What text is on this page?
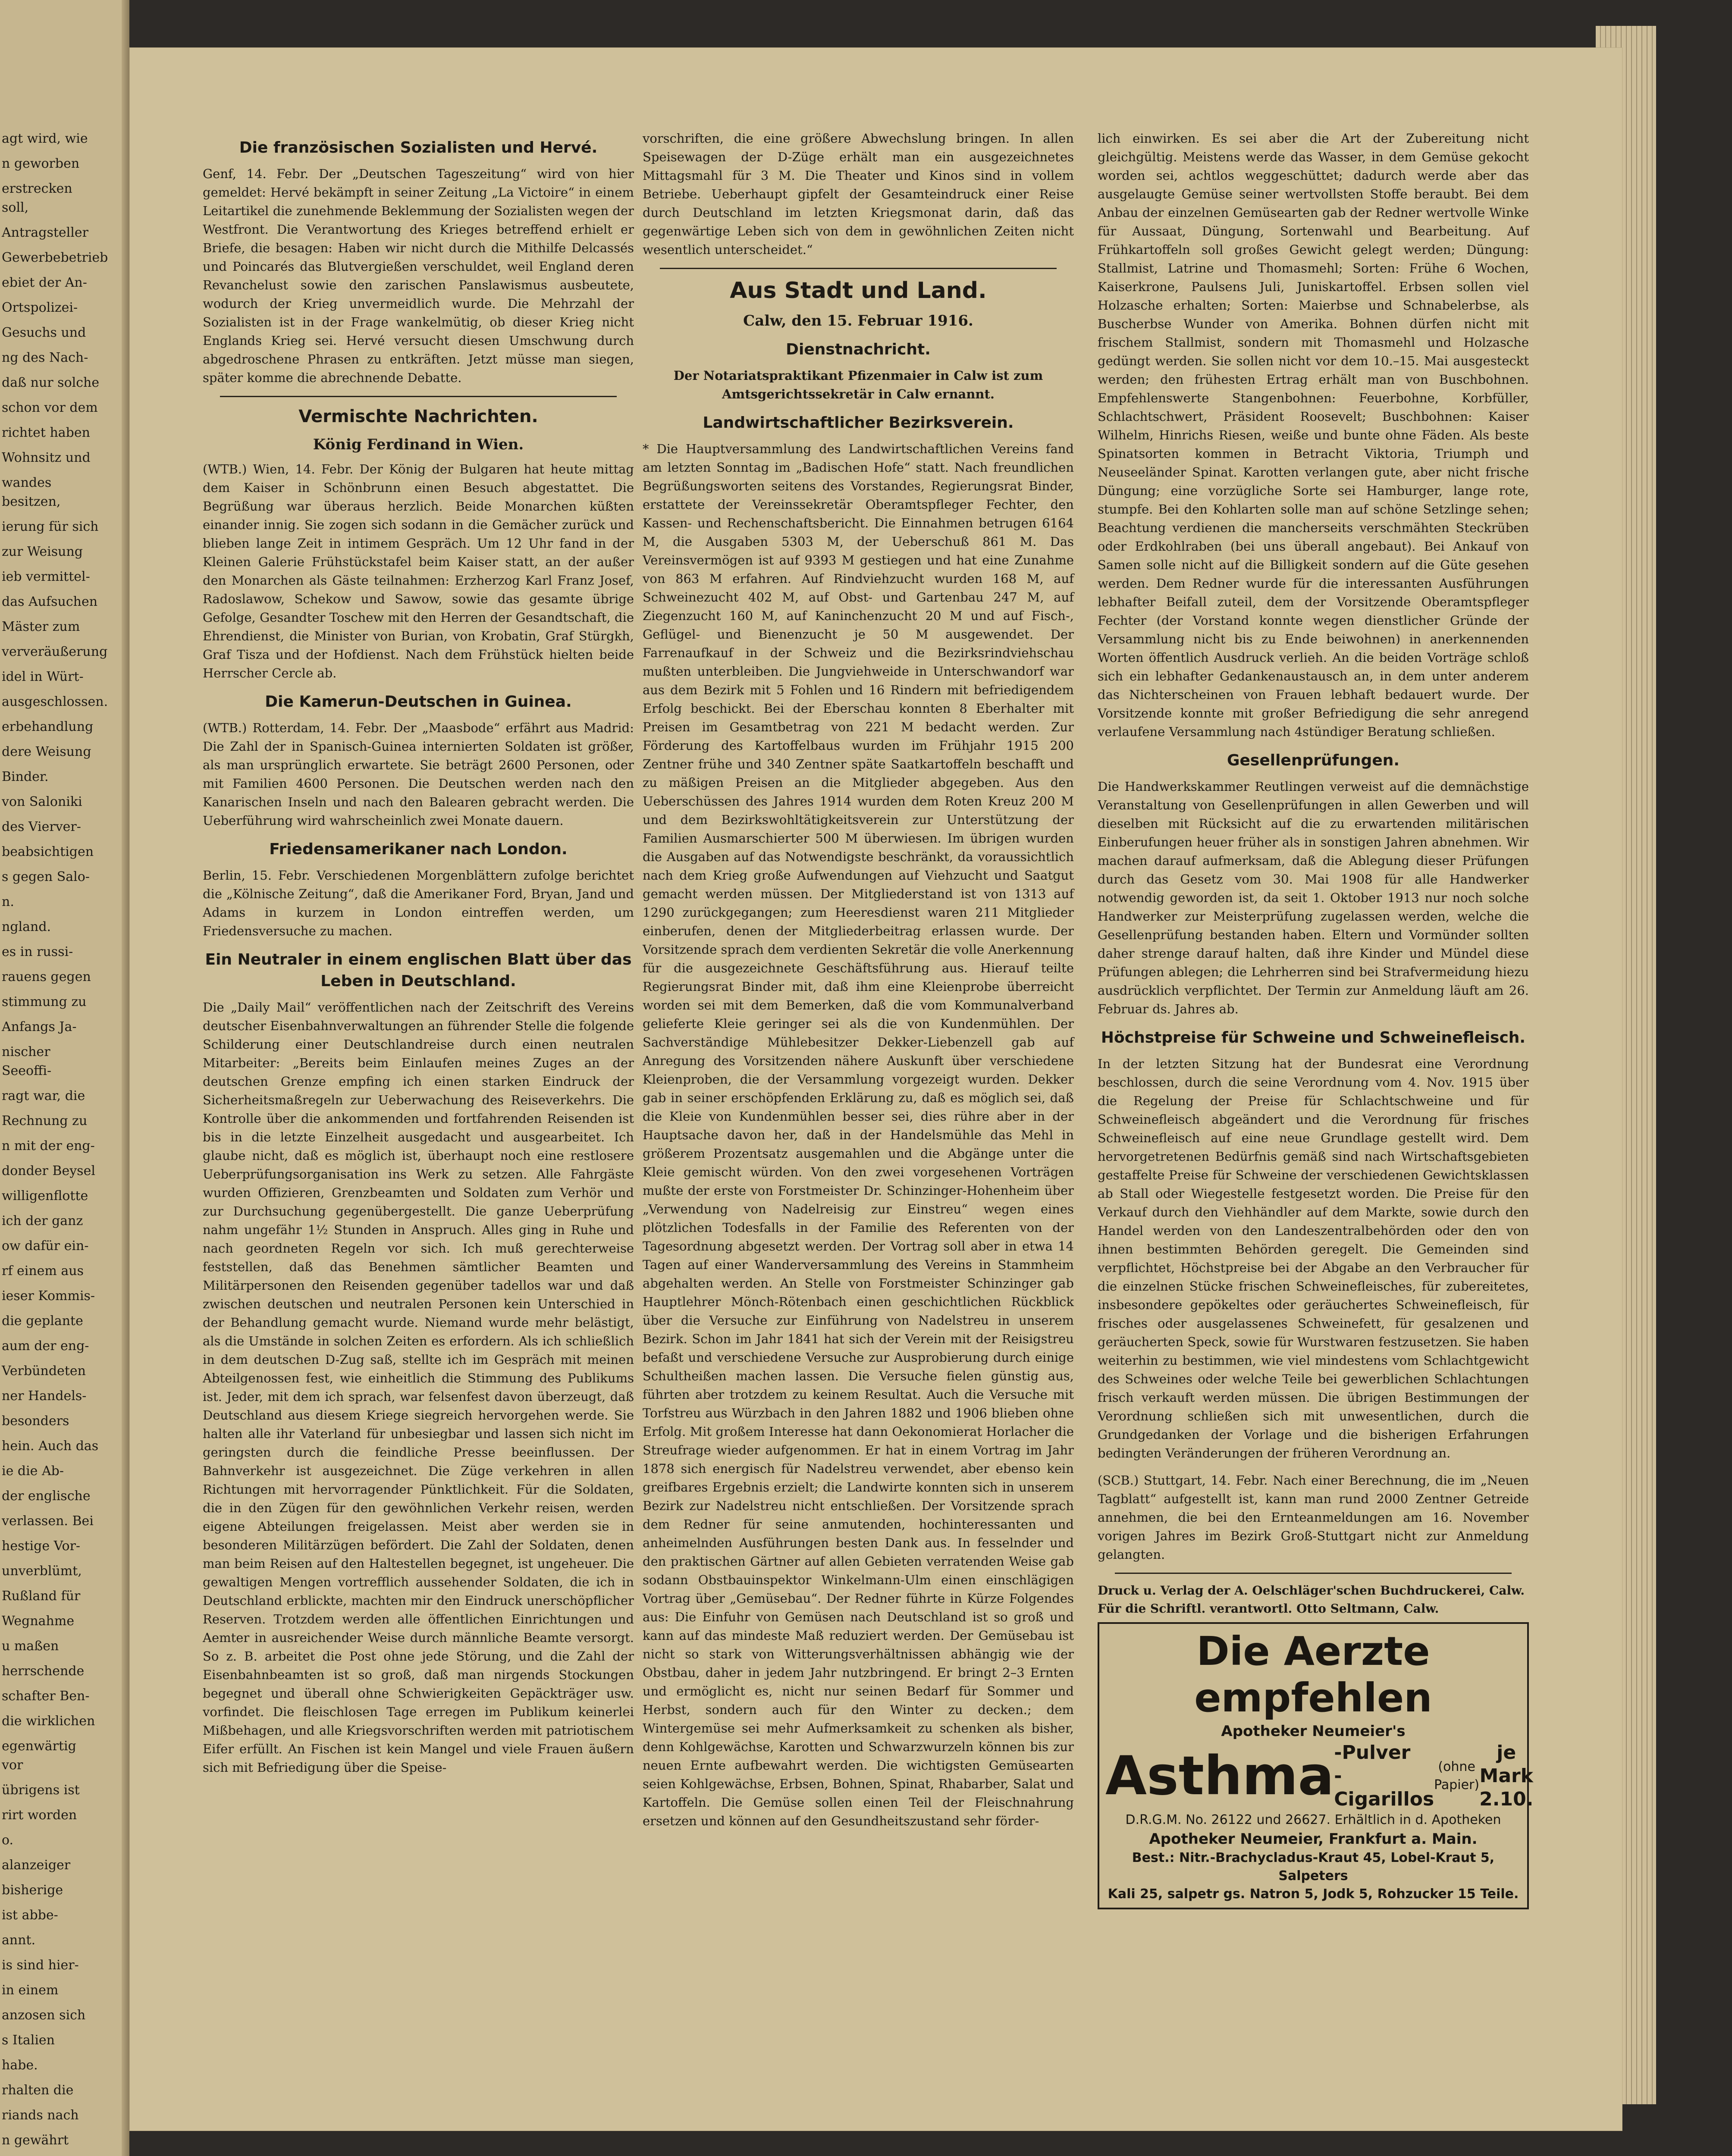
agt wird, wie

n geworben

erstrecken soll,

Antragsteller

Gewerbebetrieb

ebiet der An-

Ortspolizei-

Gesuchs und

ng des Nach-

daß nur solche

schon vor dem

richtet haben

Wohnsitz und

wandes besitzen,

ierung für sich

zur Weisung

ieb vermittel-

das Aufsuchen

Mäster zum

ververäußerung

idel in Würt-

ausgeschlossen.

erbehandlung

dere Weisung

Binder.

von Saloniki

des Vierver-

beabsichtigen

s gegen Salo-

n.

ngland.

es in russi-

rauens gegen

stimmung zu

Anfangs Ja-

nischer Seeoffi-

ragt war, die

Rechnung zu

n mit der eng-

donder Beysel

willigenflotte

ich der ganz

ow dafür ein-

rf einem aus

ieser Kommis-

die geplante

aum der eng-

Verbündeten

ner Handels-

besonders

hein. Auch das

ie die Ab-

der englische

verlassen. Bei

hestige Vor-

unverblümt,

Rußland für

Wegnahme

u maßen

herrschende

schafter Ben-

die wirklichen

egenwärtig vor

übrigens ist

rirt worden

o.

alanzeiger

bisherige

ist abbe-

annt.

is sind hier-

in einem

anzosen sich

s Italien

habe.

rhalten die

riands nach

n gewährt

Die französischen Sozialisten und Hervé.

Genf, 14. Febr. Der „Deutschen Tageszeitung“ wird von hier gemeldet: Hervé bekämpft in seiner Zeitung „La Victoire“ in einem Leitartikel die zunehmende Beklemmung der Sozialisten wegen der Westfront. Die Verantwortung des Krieges betreffend erhielt er Briefe, die besagen: Haben wir nicht durch die Mithilfe Delcassés und Poincarés das Blutvergießen verschuldet, weil England deren Revanchelust sowie den zarischen Panslawismus ausbeutete, wodurch der Krieg unvermeidlich wurde. Die Mehrzahl der Sozialisten ist in der Frage wankelmütig, ob dieser Krieg nicht Englands Krieg sei. Hervé versucht diesen Umschwung durch abgedroschene Phrasen zu entkräften. Jetzt müsse man siegen, später komme die abrechnende Debatte.

Vermischte Nachrichten.
König Ferdinand in Wien.

(WTB.) Wien, 14. Febr. Der König der Bulgaren hat heute mittag dem Kaiser in Schönbrunn einen Besuch abgestattet. Die Begrüßung war überaus herzlich. Beide Monarchen küßten einander innig. Sie zogen sich sodann in die Gemächer zurück und blieben lange Zeit in intimem Gespräch. Um 12 Uhr fand in der Kleinen Galerie Frühstückstafel beim Kaiser statt, an der außer den Monarchen als Gäste teilnahmen: Erzherzog Karl Franz Josef, Radoslawow, Schekow und Sawow, sowie das gesamte übrige Gefolge, Gesandter Toschew mit den Herren der Gesandtschaft, die Ehrendienst, die Minister von Burian, von Krobatin, Graf Stürgkh, Graf Tisza und der Hofdienst. Nach dem Frühstück hielten beide Herrscher Cercle ab.

Die Kamerun-Deutschen in Guinea.

(WTB.) Rotterdam, 14. Febr. Der „Maasbode“ erfährt aus Madrid: Die Zahl der in Spanisch-Guinea internierten Soldaten ist größer, als man ursprünglich erwartete. Sie beträgt 2600 Personen, oder mit Familien 4600 Personen. Die Deutschen werden nach den Kanarischen Inseln und nach den Balearen gebracht werden. Die Ueberführung wird wahrscheinlich zwei Monate dauern.

Friedensamerikaner nach London.

Berlin, 15. Febr. Verschiedenen Morgenblättern zufolge berichtet die „Kölnische Zeitung“, daß die Amerikaner Ford, Bryan, Jand und Adams in kurzem in London eintreffen werden, um Friedensversuche zu machen.

Ein Neutraler in einem englischen Blatt über das Leben in Deutschland.

Die „Daily Mail“ veröffentlichen nach der Zeitschrift des Vereins deutscher Eisenbahnverwaltungen an führender Stelle die folgende Schilderung einer Deutschlandreise durch einen neutralen Mitarbeiter: „Bereits beim Einlaufen meines Zuges an der deutschen Grenze empfing ich einen starken Eindruck der Sicherheitsmaßregeln zur Ueberwachung des Reiseverkehrs. Die Kontrolle über die ankommenden und fortfahrenden Reisenden ist bis in die letzte Einzelheit ausgedacht und ausgearbeitet. Ich glaube nicht, daß es möglich ist, überhaupt noch eine restlosere Ueberprüfungsorganisation ins Werk zu setzen. Alle Fahrgäste wurden Offizieren, Grenzbeamten und Soldaten zum Verhör und zur Durchsuchung gegenübergestellt. Die ganze Ueberprüfung nahm ungefähr 1½ Stunden in Anspruch. Alles ging in Ruhe und nach geordneten Regeln vor sich. Ich muß gerechterweise feststellen, daß das Benehmen sämtlicher Beamten und Militärpersonen den Reisenden gegenüber tadellos war und daß zwischen deutschen und neutralen Personen kein Unterschied in der Behandlung gemacht wurde. Niemand wurde mehr belästigt, als die Umstände in solchen Zeiten es erfordern. Als ich schließlich in dem deutschen D-Zug saß, stellte ich im Gespräch mit meinen Abteilgenossen fest, wie einheitlich die Stimmung des Publikums ist. Jeder, mit dem ich sprach, war felsenfest davon überzeugt, daß Deutschland aus diesem Kriege siegreich hervorgehen werde. Sie halten alle ihr Vaterland für unbesiegbar und lassen sich nicht im geringsten durch die feindliche Presse beeinflussen. Der Bahnverkehr ist ausgezeichnet. Die Züge verkehren in allen Richtungen mit hervorragender Pünktlichkeit. Für die Soldaten, die in den Zügen für den gewöhnlichen Verkehr reisen, werden eigene Abteilungen freigelassen. Meist aber werden sie in besonderen Militärzügen befördert. Die Zahl der Soldaten, denen man beim Reisen auf den Haltestellen begegnet, ist ungeheuer. Die gewaltigen Mengen vortrefflich aussehender Soldaten, die ich in Deutschland erblickte, machten mir den Eindruck unerschöpflicher Reserven. Trotzdem werden alle öffentlichen Einrichtungen und Aemter in ausreichender Weise durch männliche Beamte versorgt. So z. B. arbeitet die Post ohne jede Störung, und die Zahl der Eisenbahnbeamten ist so groß, daß man nirgends Stockungen begegnet und überall ohne Schwierigkeiten Gepäckträger usw. vorfindet. Die fleischlosen Tage erregen im Publikum keinerlei Mißbehagen, und alle Kriegsvorschriften werden mit patriotischem Eifer erfüllt. An Fischen ist kein Mangel und viele Frauen äußern sich mit Befriedigung über die Speise-

vorschriften, die eine größere Abwechslung bringen. In allen Speisewagen der D-Züge erhält man ein ausgezeichnetes Mittagsmahl für 3 M. Die Theater und Kinos sind in vollem Betriebe. Ueberhaupt gipfelt der Gesamteindruck einer Reise durch Deutschland im letzten Kriegsmonat darin, daß das gegenwärtige Leben sich von dem in gewöhnlichen Zeiten nicht wesentlich unterscheidet.“

Aus Stadt und Land.
Calw, den 15. Februar 1916.
Dienstnachricht.

Der Notariatspraktikant Pfizenmaier in Calw ist zum Amtsgerichtssekretär in Calw ernannt.

Landwirtschaftlicher Bezirksverein.

* Die Hauptversammlung des Landwirtschaftlichen Vereins fand am letzten Sonntag im „Badischen Hofe“ statt. Nach freundlichen Begrüßungsworten seitens des Vorstandes, Regierungsrat Binder, erstattete der Vereinssekretär Oberamtspfleger Fechter, den Kassen- und Rechenschaftsbericht. Die Einnahmen betrugen 6164 M, die Ausgaben 5303 M, der Ueberschuß 861 M. Das Vereinsvermögen ist auf 9393 M gestiegen und hat eine Zunahme von 863 M erfahren. Auf Rindviehzucht wurden 168 M, auf Schweinezucht 402 M, auf Obst- und Gartenbau 247 M, auf Ziegenzucht 160 M, auf Kaninchenzucht 20 M und auf Fisch-, Geflügel- und Bienenzucht je 50 M ausgewendet. Der Farrenaufkauf in der Schweiz und die Bezirksrindviehschau mußten unterbleiben. Die Jungviehweide in Unterschwandorf war aus dem Bezirk mit 5 Fohlen und 16 Rindern mit befriedigendem Erfolg beschickt. Bei der Eberschau konnten 8 Eberhalter mit Preisen im Gesamtbetrag von 221 M bedacht werden. Zur Förderung des Kartoffelbaus wurden im Frühjahr 1915 200 Zentner frühe und 340 Zentner späte Saatkartoffeln beschafft und zu mäßigen Preisen an die Mitglieder abgegeben. Aus den Ueberschüssen des Jahres 1914 wurden dem Roten Kreuz 200 M und dem Bezirkswohltätigkeitsverein zur Unterstützung der Familien Ausmarschierter 500 M überwiesen. Im übrigen wurden die Ausgaben auf das Notwendigste beschränkt, da voraussichtlich nach dem Krieg große Aufwendungen auf Viehzucht und Saatgut gemacht werden müssen. Der Mitgliederstand ist von 1313 auf 1290 zurückgegangen; zum Heeresdienst waren 211 Mitglieder einberufen, denen der Mitgliederbeitrag erlassen wurde. Der Vorsitzende sprach dem verdienten Sekretär die volle Anerkennung für die ausgezeichnete Geschäftsführung aus. Hierauf teilte Regierungsrat Binder mit, daß ihm eine Kleienprobe überreicht worden sei mit dem Bemerken, daß die vom Kommunalverband gelieferte Kleie geringer sei als die von Kundenmühlen. Der Sachverständige Mühlebesitzer Dekker-Liebenzell gab auf Anregung des Vorsitzenden nähere Auskunft über verschiedene Kleienproben, die der Versammlung vorgezeigt wurden. Dekker gab in seiner erschöpfenden Erklärung zu, daß es möglich sei, daß die Kleie von Kundenmühlen besser sei, dies rühre aber in der Hauptsache davon her, daß in der Handelsmühle das Mehl in größerem Prozentsatz ausgemahlen und die Abgänge unter die Kleie gemischt würden. Von den zwei vorgesehenen Vorträgen mußte der erste von Forstmeister Dr. Schinzinger-Hohenheim über „Verwendung von Nadelreisig zur Einstreu“ wegen eines plötzlichen Todesfalls in der Familie des Referenten von der Tagesordnung abgesetzt werden. Der Vortrag soll aber in etwa 14 Tagen auf einer Wanderversammlung des Vereins in Stammheim abgehalten werden. An Stelle von Forstmeister Schinzinger gab Hauptlehrer Mönch-Rötenbach einen geschichtlichen Rückblick über die Versuche zur Einführung von Nadelstreu in unserem Bezirk. Schon im Jahr 1841 hat sich der Verein mit der Reisigstreu befaßt und verschiedene Versuche zur Ausprobierung durch einige Schultheißen machen lassen. Die Versuche fielen günstig aus, führten aber trotzdem zu keinem Resultat. Auch die Versuche mit Torfstreu aus Würzbach in den Jahren 1882 und 1906 blieben ohne Erfolg. Mit großem Interesse hat dann Oekonomierat Horlacher die Streufrage wieder aufgenommen. Er hat in einem Vortrag im Jahr 1878 sich energisch für Nadelstreu verwendet, aber ebenso kein greifbares Ergebnis erzielt; die Landwirte konnten sich in unserem Bezirk zur Nadelstreu nicht entschließen. Der Vorsitzende sprach dem Redner für seine anmutenden, hochinteressanten und anheimelnden Ausführungen besten Dank aus. In fesselnder und den praktischen Gärtner auf allen Gebieten verratenden Weise gab sodann Obstbauinspektor Winkelmann-Ulm einen einschlägigen Vortrag über „Gemüsebau“. Der Redner führte in Kürze Folgendes aus: Die Einfuhr von Gemüsen nach Deutschland ist so groß und kann auf das mindeste Maß reduziert werden. Der Gemüsebau ist nicht so stark von Witterungsverhältnissen abhängig wie der Obstbau, daher in jedem Jahr nutzbringend. Er bringt 2–3 Ernten und ermöglicht es, nicht nur seinen Bedarf für Sommer und Herbst, sondern auch für den Winter zu decken.; dem Wintergemüse sei mehr Aufmerksamkeit zu schenken als bisher, denn Kohlgewächse, Karotten und Schwarzwurzeln können bis zur neuen Ernte aufbewahrt werden. Die wichtigsten Gemüsearten seien Kohlgewächse, Erbsen, Bohnen, Spinat, Rhabarber, Salat und Kartoffeln. Die Gemüse sollen einen Teil der Fleischnahrung ersetzen und können auf den Gesundheitszustand sehr förder-

lich einwirken. Es sei aber die Art der Zubereitung nicht gleichgültig. Meistens werde das Wasser, in dem Gemüse gekocht worden sei, achtlos weggeschüttet; dadurch werde aber das ausgelaugte Gemüse seiner wertvollsten Stoffe beraubt. Bei dem Anbau der einzelnen Gemüsearten gab der Redner wertvolle Winke für Aussaat, Düngung, Sortenwahl und Bearbeitung. Auf Frühkartoffeln soll großes Gewicht gelegt werden; Düngung: Stallmist, Latrine und Thomasmehl; Sorten: Frühe 6 Wochen, Kaiserkrone, Paulsens Juli, Juniskartoffel. Erbsen sollen viel Holzasche erhalten; Sorten: Maierbse und Schnabelerbse, als Buscherbse Wunder von Amerika. Bohnen dürfen nicht mit frischem Stallmist, sondern mit Thomasmehl und Holzasche gedüngt werden. Sie sollen nicht vor dem 10.–15. Mai ausgesteckt werden; den frühesten Ertrag erhält man von Buschbohnen. Empfehlenswerte Stangenbohnen: Feuerbohne, Korbfüller, Schlachtschwert, Präsident Roosevelt; Buschbohnen: Kaiser Wilhelm, Hinrichs Riesen, weiße und bunte ohne Fäden. Als beste Spinatsorten kommen in Betracht Viktoria, Triumph und Neuseeländer Spinat. Karotten verlangen gute, aber nicht frische Düngung; eine vorzügliche Sorte sei Hamburger, lange rote, stumpfe. Bei den Kohlarten solle man auf schöne Setzlinge sehen; Beachtung verdienen die mancherseits verschmähten Steckrüben oder Erdkohlraben (bei uns überall angebaut). Bei Ankauf von Samen solle nicht auf die Billigkeit sondern auf die Güte gesehen werden. Dem Redner wurde für die interessanten Ausführungen lebhafter Beifall zuteil, dem der Vorsitzende Oberamtspfleger Fechter (der Vorstand konnte wegen dienstlicher Gründe der Versammlung nicht bis zu Ende beiwohnen) in anerkennenden Worten öffentlich Ausdruck verlieh. An die beiden Vorträge schloß sich ein lebhafter Gedankenaustausch an, in dem unter anderem das Nichterscheinen von Frauen lebhaft bedauert wurde. Der Vorsitzende konnte mit großer Befriedigung die sehr anregend verlaufene Versammlung nach 4stündiger Beratung schließen.

Gesellenprüfungen.

Die Handwerkskammer Reutlingen verweist auf die demnächstige Veranstaltung von Gesellenprüfungen in allen Gewerben und will dieselben mit Rücksicht auf die zu erwartenden militärischen Einberufungen heuer früher als in sonstigen Jahren abnehmen. Wir machen darauf aufmerksam, daß die Ablegung dieser Prüfungen durch das Gesetz vom 30. Mai 1908 für alle Handwerker notwendig geworden ist, da seit 1. Oktober 1913 nur noch solche Handwerker zur Meisterprüfung zugelassen werden, welche die Gesellenprüfung bestanden haben. Eltern und Vormünder sollten daher strenge darauf halten, daß ihre Kinder und Mündel diese Prüfungen ablegen; die Lehrherren sind bei Strafvermeidung hiezu ausdrücklich verpflichtet. Der Termin zur Anmeldung läuft am 26. Februar ds. Jahres ab.

Höchstpreise für Schweine und Schweinefleisch.

In der letzten Sitzung hat der Bundesrat eine Verordnung beschlossen, durch die seine Verordnung vom 4. Nov. 1915 über die Regelung der Preise für Schlachtschweine und für Schweinefleisch abgeändert und die Verordnung für frisches Schweinefleisch auf eine neue Grundlage gestellt wird. Dem hervorgetretenen Bedürfnis gemäß sind nach Wirtschaftsgebieten gestaffelte Preise für Schweine der verschiedenen Gewichtsklassen ab Stall oder Wiegestelle festgesetzt worden. Die Preise für den Verkauf durch den Viehhändler auf dem Markte, sowie durch den Handel werden von den Landeszentralbehörden oder den von ihnen bestimmten Behörden geregelt. Die Gemeinden sind verpflichtet, Höchstpreise bei der Abgabe an den Verbraucher für die einzelnen Stücke frischen Schweinefleisches, für zubereitetes, insbesondere gepökeltes oder geräuchertes Schweinefleisch, für frisches oder ausgelassenes Schweinefett, für gesalzenen und geräucherten Speck, sowie für Wurstwaren festzusetzen. Sie haben weiterhin zu bestimmen, wie viel mindestens vom Schlachtgewicht des Schweines oder welche Teile bei gewerblichen Schlachtungen frisch verkauft werden müssen. Die übrigen Bestimmungen der Verordnung schließen sich mit unwesentlichen, durch die Grundgedanken der Vorlage und die bisherigen Erfahrungen bedingten Veränderungen der früheren Verordnung an.

(SCB.) Stuttgart, 14. Febr. Nach einer Berechnung, die im „Neuen Tagblatt“ aufgestellt ist, kann man rund 2000 Zentner Getreide annehmen, die bei den Ernteanmeldungen am 16. November vorigen Jahres im Bezirk Groß-Stuttgart nicht zur Anmeldung gelangten.

Druck u. Verlag der A. Oelschläger'schen Buchdruckerei, Calw. Für die Schriftl. verantwortl. Otto Seltmann, Calw.
Die Aerzte empfehlen
Apotheker Neumeier's
Asthma -Pulver
-Cigarillos
(ohne Papier)
je
Mark 2.10.
D.R.G.M. No. 26122 und 26627. Erhältlich in d. Apotheken
Apotheker Neumeier, Frankfurt a. Main.
Best.: Nitr.-Brachycladus-Kraut 45, Lobel-Kraut 5, Salpeters
Kali 25, salpetr gs. Natron 5, Jodk 5, Rohzucker 15 Teile.
